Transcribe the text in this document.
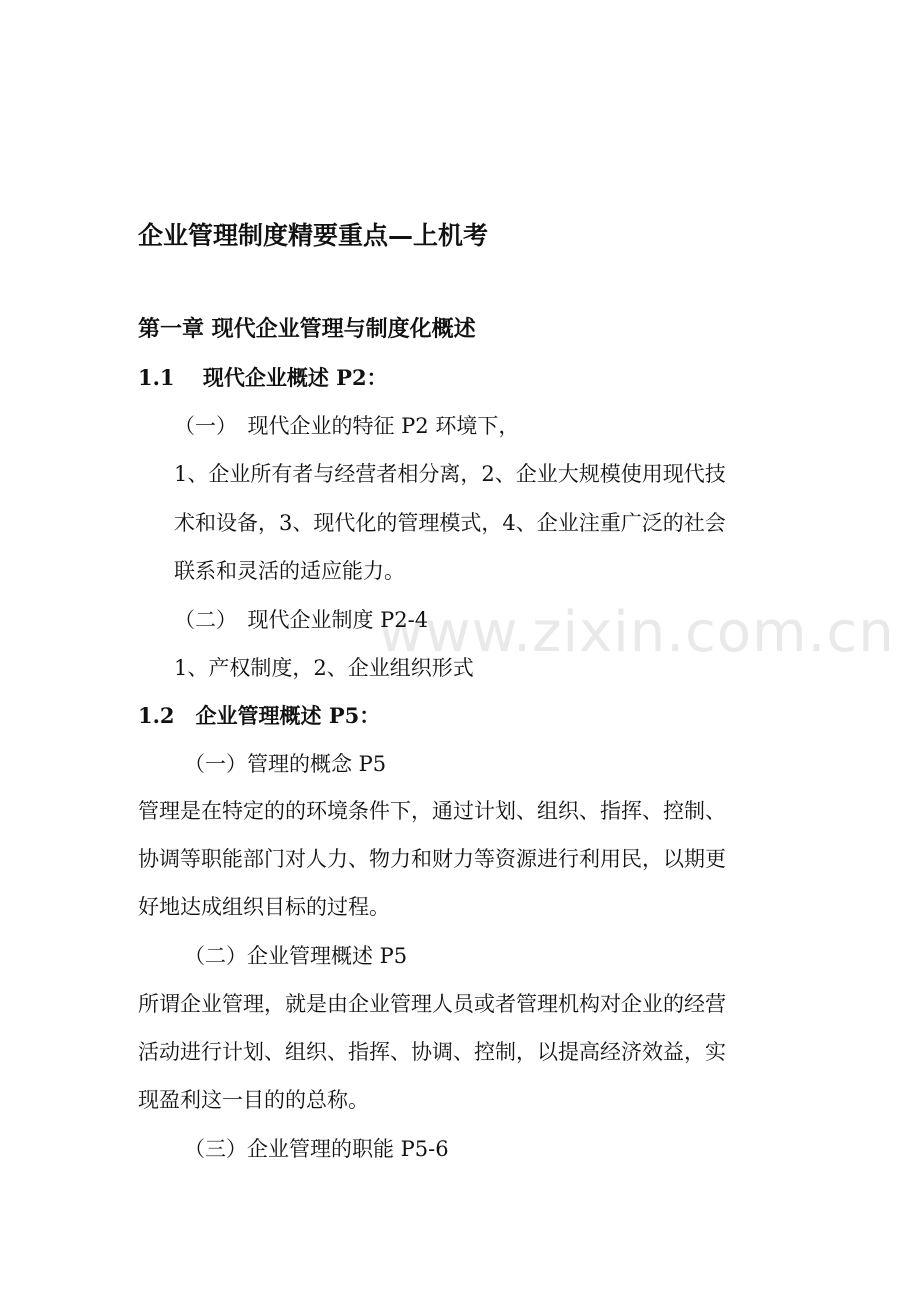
www.zixin.com.cn
企业管理制度精要重点—上机考
第一章 现代企业管理与制度化概述
1.1　 现代企业概述 P2：
（一）　现代企业的特征 P2 环境下，
1、企业所有者与经营者相分离，2、企业大规模使用现代技
术和设备，3、现代化的管理模式，4、企业注重广泛的社会
联系和灵活的适应能力。
（二）　现代企业制度 P2-4
1、产权制度，2、企业组织形式
1.2　企业管理概述 P5：
（一）管理的概念 P5
管理是在特定的的环境条件下，通过计划、组织、指挥、控制、
协调等职能部门对人力、物力和财力等资源进行利用民，以期更
好地达成组织目标的过程。
（二）企业管理概述 P5
所谓企业管理，就是由企业管理人员或者管理机构对企业的经营
活动进行计划、组织、指挥、协调、控制，以提高经济效益，实
现盈利这一目的的总称。
（三）企业管理的职能 P5-6
